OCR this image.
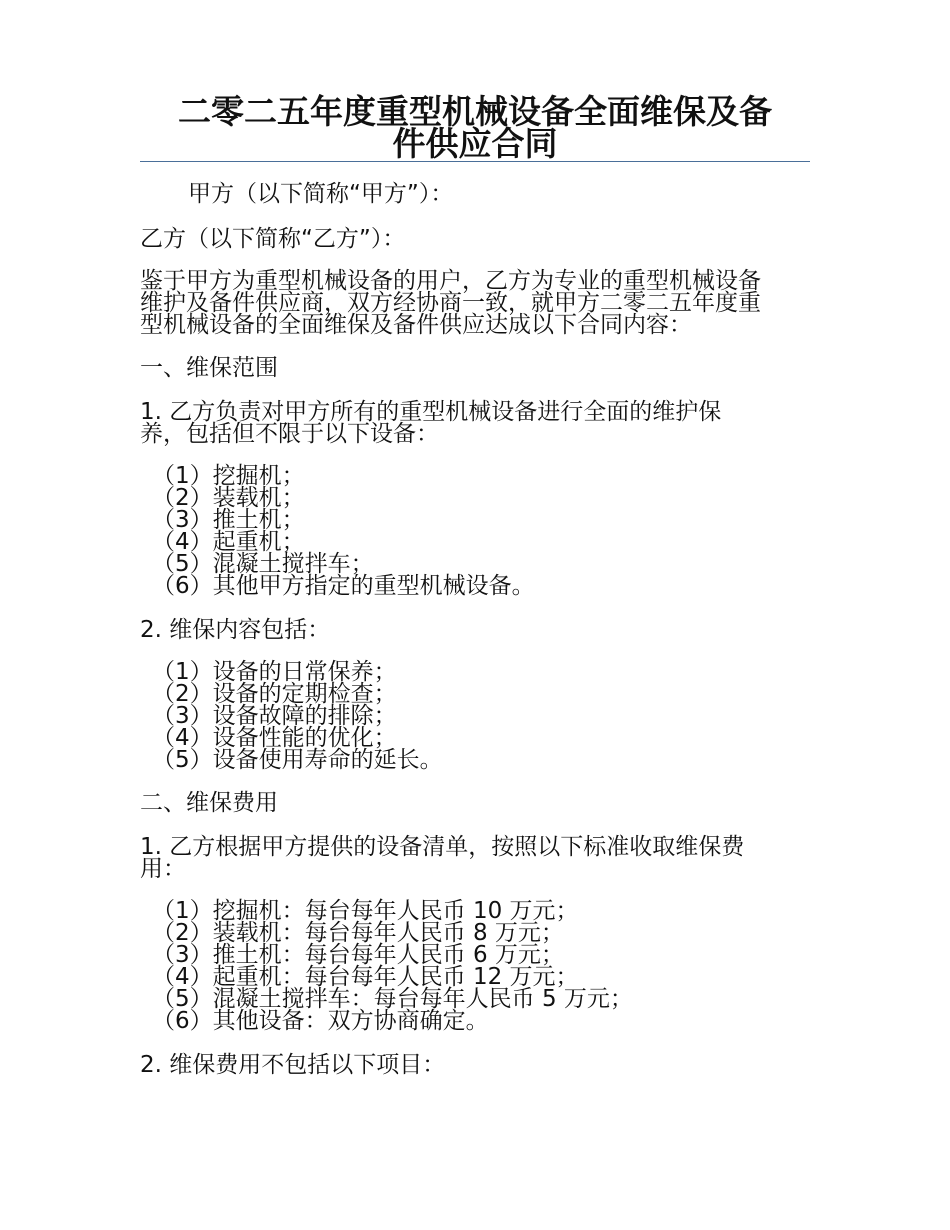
二零二五年度重型机械设备全面维保及备
件供应合同

甲方（以下简称“甲方”）：

乙方（以下简称“乙方”）：

鉴于甲方为重型机械设备的用户，乙方为专业的重型机械设备
维护及备件供应商，双方经协商一致，就甲方二零二五年度重
型机械设备的全面维保及备件供应达成以下合同内容：

一、维保范围

1. 乙方负责对甲方所有的重型机械设备进行全面的维护保
养，包括但不限于以下设备：
（1）挖掘机；
（2）装载机；
（3）推土机；
（4）起重机；
（5）混凝土搅拌车；
（6）其他甲方指定的重型机械设备。

2. 维保内容包括：

（1）设备的日常保养；
（2）设备的定期检查；
（3）设备故障的排除；
（4）设备性能的优化；
（5）设备使用寿命的延长。

二、维保费用

1. 乙方根据甲方提供的设备清单，按照以下标准收取维保费
用：
（1）挖掘机：每台每年人民币 10 万元；
（2）装载机：每台每年人民币 8 万元；
（3）推土机：每台每年人民币 6 万元；
（4）起重机：每台每年人民币 12 万元；
（5）混凝土搅拌车：每台每年人民币 5 万元；
（6）其他设备：双方协商确定。

2. 维保费用不包括以下项目：
